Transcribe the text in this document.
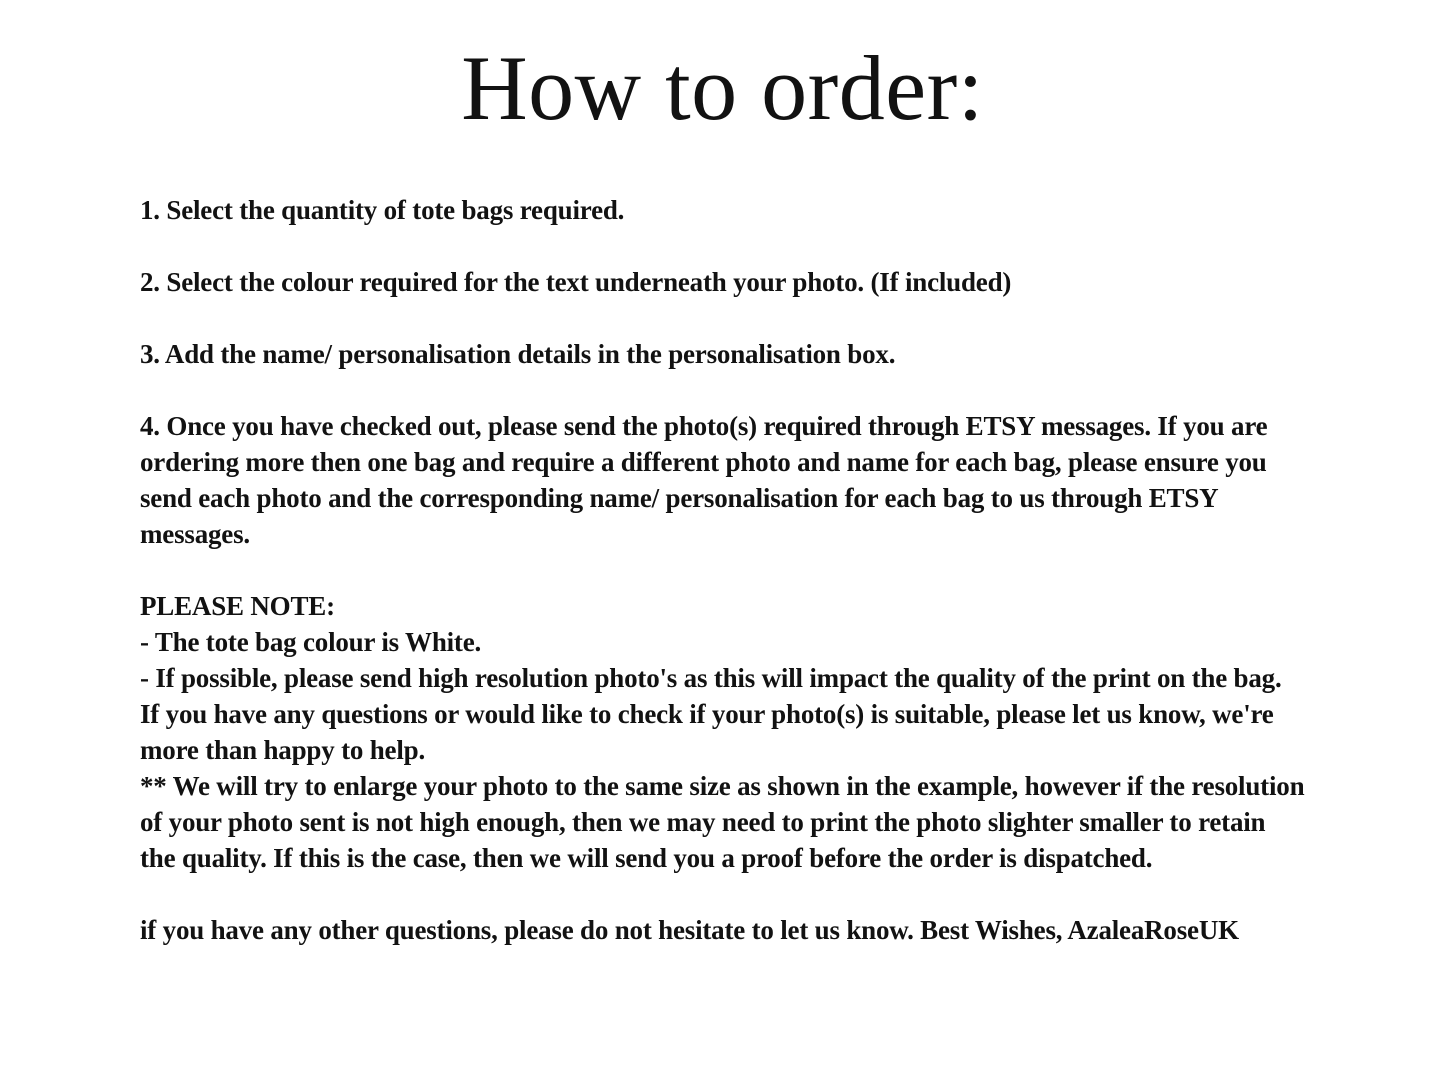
How to order:

1. Select the quantity of tote bags required.

2. Select the colour required for the text underneath your photo. (If included)

3. Add the name/ personalisation details in the personalisation box.

4. Once you have checked out, please send the photo(s) required through ETSY messages. If you are ordering more then one bag and require a different photo and name for each bag, please ensure you send each photo and the corresponding name/ personalisation for each bag to us through ETSY messages.

PLEASE NOTE:

- The tote bag colour is White.

- If possible, please send high resolution photo's as this will impact the quality of the print on the bag. If you have any questions or would like to check if your photo(s) is suitable, please let us know, we're more than happy to help.

** We will try to enlarge your photo to the same size as shown in the example, however if the resolution of your photo sent is not high enough, then we may need to print the photo slighter smaller to retain the quality. If this is the case, then we will send you a proof before the order is dispatched.

if you have any other questions, please do not hesitate to let us know. Best Wishes, AzaleaRoseUK
